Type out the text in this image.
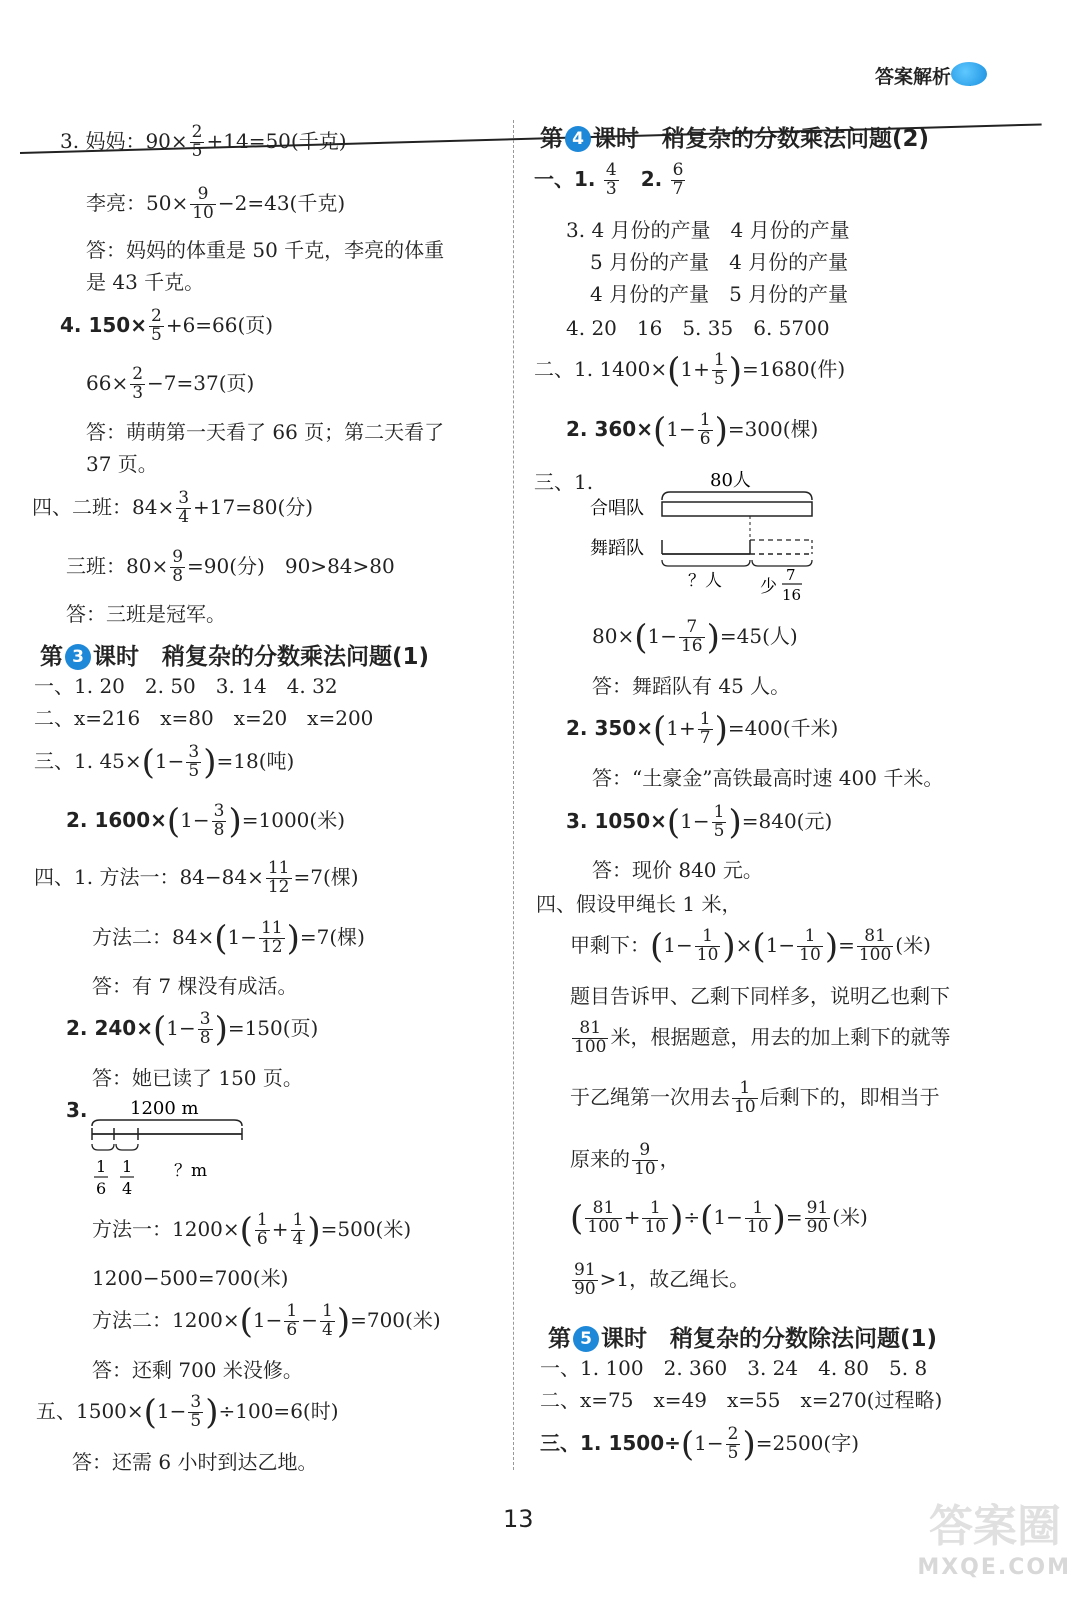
答案解析
3. 妈妈：$90\times \frac{2}{5} +14=50$(千克)
李亮：$50\times \frac{9}{10} -2=43$(千克)
答：妈妈的体重是 50 千克，李亮的体重
是 43 千克。
4. $150\times \frac{2}{5} +6=66$(页)
$66\times \frac{2}{3} -7=37$(页)
答：萌萌第一天看了 66 页；第二天看了
37 页。
四、二班：$84\times \frac{3}{4} +17=80$(分)
三班：$80\times \frac{9}{8} =90$(分)　90>84>80
答：三班是冠军。
第 3 课时　稍复杂的分数乘法问题(1)
一、1. 20　2. 50　3. 14　4. 32
二、x=216　x=80　x=20　x=200
三、1. $45\times(1- \frac{3}{5} )=18$(吨)
2. $1600\times(1- \frac{3}{8} )=1000$(米)
四、1. 方法一：$84-84\times \frac{11}{12} =7$(棵)
方法二：$84\times(1- \frac{11}{12} )=7$(棵)
答：有 7 棵没有成活。
2. $240\times(1- \frac{3}{8} )=150$(页)
答：她已读了 150 页。
3. 1200 m
1
6
1
4
？m
方法一：$1200\times( \frac{1}{6} + \frac{1}{4} )=500$(米)
1200−500=700(米)
方法二：$1200\times(1- \frac{1}{6} - \frac{1}{4} )=700$(米)
答：还剩 700 米没修。
五、$1500\times(1- \frac{3}{5} )\div 100=6$(时)
答：还需 6 小时到达乙地。
第 4 课时　稍复杂的分数乘法问题(2)
一、1. $\frac{4}{3}$
　 2. $\frac{6}{7}$
3. 4 月份的产量　4 月份的产量
5 月份的产量　4 月份的产量
4 月份的产量　5 月份的产量
4. 20　16　5. 35　6. 5700
二、1. $1400\times(1+ \frac{1}{5} )=1680$(件)
2. $360\times(1- \frac{1}{6} )=300$(棵)
三、1.	80人
合唱队
舞蹈队
？人 少
7
16
$80\times(1- \frac{7}{16} )=45$(人)
答：舞蹈队有 45 人。
2. $350\times(1+ \frac{1}{7} )=400$(千米)
答：“土豪金”高铁最高时速 400 千米。
3. $1050\times(1- \frac{1}{5} )=840$(元)
答：现价 840 元。
四、假设甲绳长 1 米，
甲剩下：$(1- \frac{1}{10} )\times(1- \frac{1}{10}$ )= $\frac{81}{100}$ (米)
题目告诉甲、乙剩下同样多，说明乙也剩下
$\frac{81}{100}$ 米，根据题意，用去的加上剩下的就等
于乙绳第一次用去 $\frac{1}{10}$ 后剩下的，即相当于
原来的 $\frac{9}{10}$ ，
( $\frac{81}{100} + \frac{1}{10} )\div(1- \frac{1}{10}$ )= $\frac{91}{90}$ (米)
$\frac{91}{90} >1$，故乙绳长。
第 5 课时　稍复杂的分数除法问题(1)
一、1. 100　2. 360　3. 24　4. 80　5. 8
二、x=75　x=49　x=55　x=270(过程略)
三、1. $1500\div(1- \frac{2}{5} )=2500$(字)
13	答案圈
MXQE.COM
